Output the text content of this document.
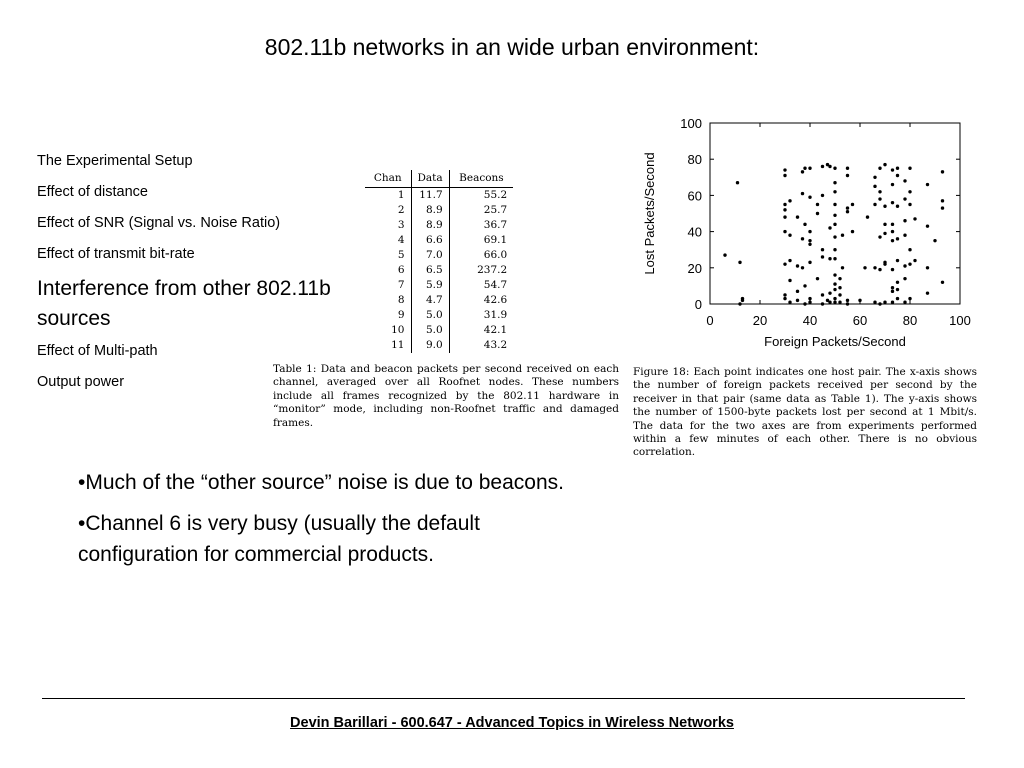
802.11b networks in an wide urban environment:
The Experimental Setup
Effect of distance
Effect of SNR (Signal vs. Noise Ratio)
Effect of transmit bit-rate
Interference from other 802.11b sources
Effect of Multi-path
Output power
Chan	Data	Beacons
1	11.7	55.2
2	8.9	25.7
3	8.9	36.7
4	6.6	69.1
5	7.0	66.0
6	6.5	237.2
7	5.9	54.7
8	4.7	42.6
9	5.0	31.9
10	5.0	42.1
11	9.0	43.2
Table 1: Data and beacon packets per second received on each channel, averaged over all Roofnet nodes. These numbers include all frames recognized by the 802.11 hardware in “monitor” mode, including non-Roofnet traffic and damaged frames.
0	20	40	60	80 100
0
20
40
60
80
100
Foreign Packets/Second
Lost Packets/Second
Figure 18: Each point indicates one host pair. The x-axis shows the number of foreign packets received per second by the receiver in that pair (same data as Table 1). The y-axis shows the number of 1500-byte packets lost per second at 1 Mbit/s. The data for the two axes are from experiments performed within a few minutes of each other. There is no obvious correlation.
•Much of the “other source” noise is due to beacons.
•Channel 6 is very busy (usually the default configuration for commercial products.
Devin Barillari - 600.647 - Advanced Topics in Wireless Networks
